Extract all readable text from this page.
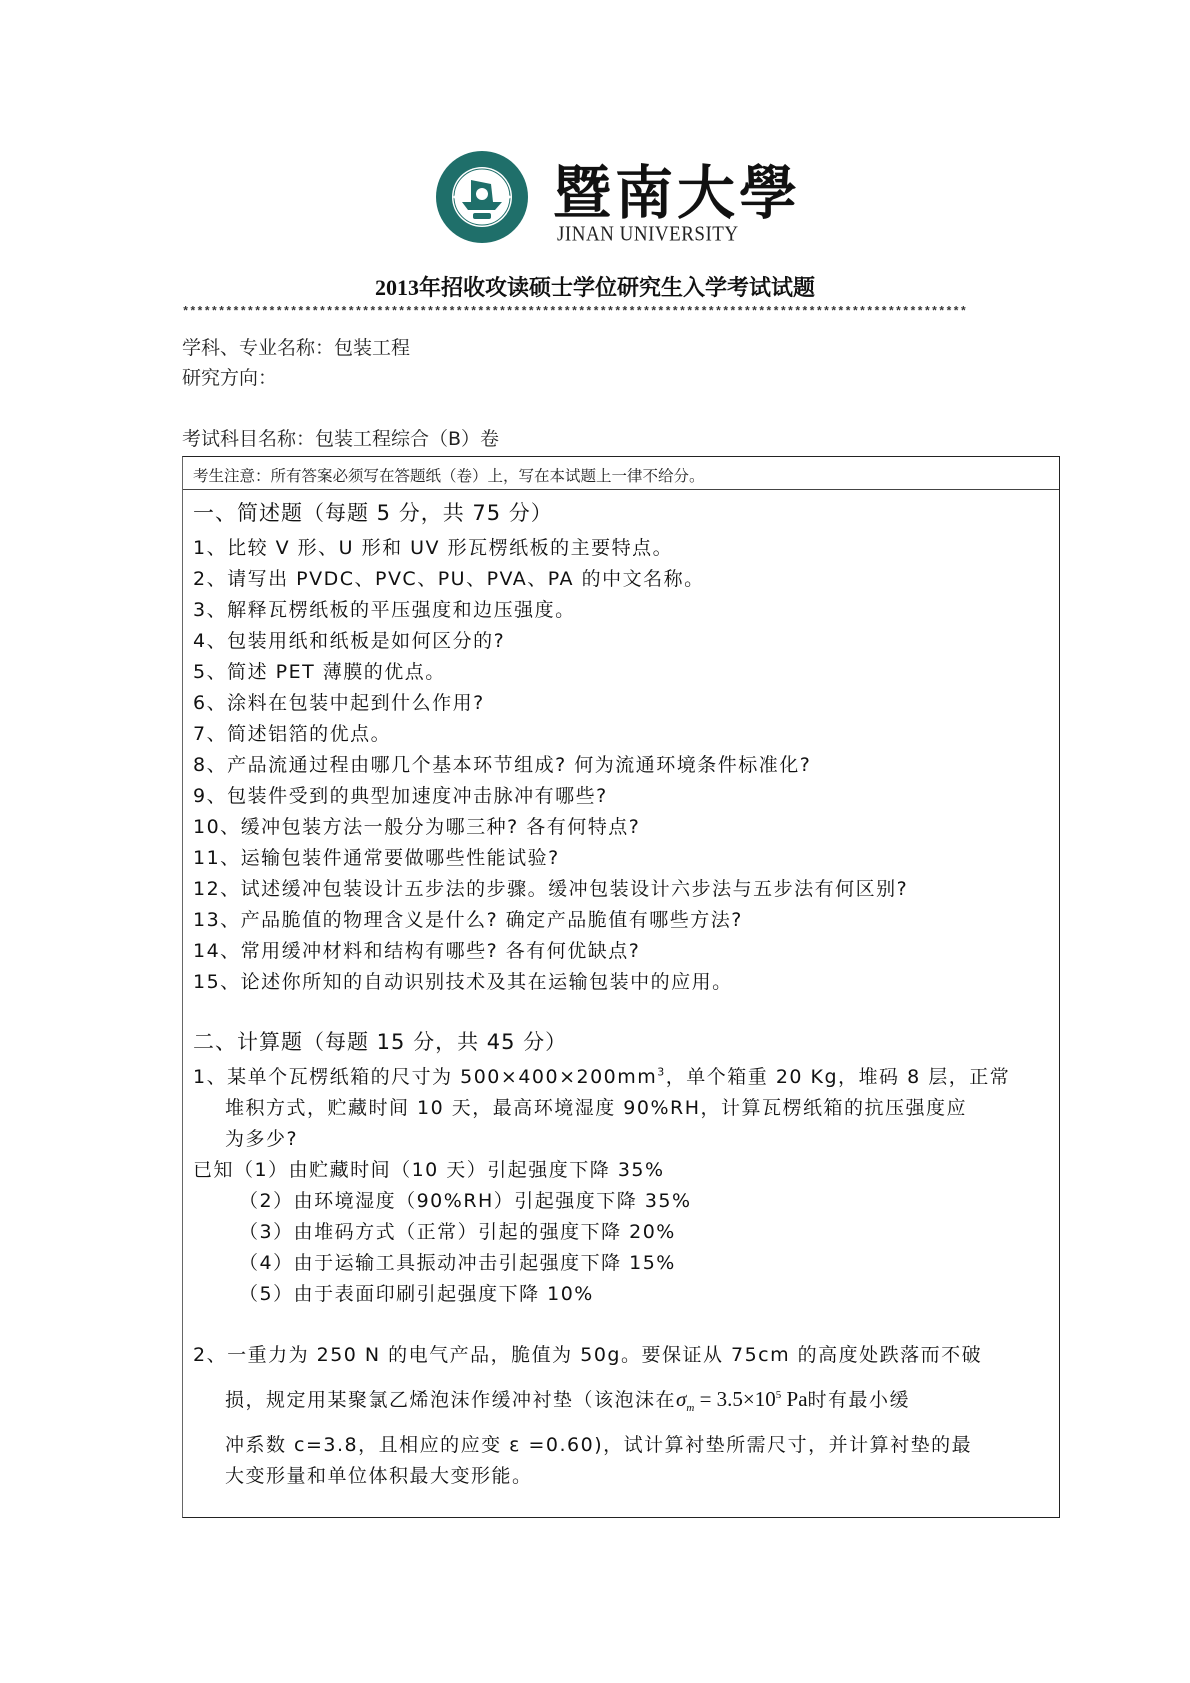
暨南大學
JINAN UNIVERSITY
2013年招收攻读硕士学位研究生入学考试试题
*************************************************************************************************************
学科、专业名称：包装工程
研究方向：
考试科目名称：包装工程综合（B）卷
考生注意：所有答案必须写在答题纸（卷）上，写在本试题上一律不给分。
一、简述题（每题 5 分，共 75 分）
1、比较 V 形、U 形和 UV 形瓦楞纸板的主要特点。
2、请写出 PVDC、PVC、PU、PVA、PA 的中文名称。
3、解释瓦楞纸板的平压强度和边压强度。
4、包装用纸和纸板是如何区分的?
5、简述 PET 薄膜的优点。
6、涂料在包装中起到什么作用?
7、简述铝箔的优点。
8、产品流通过程由哪几个基本环节组成? 何为流通环境条件标准化?
9、包装件受到的典型加速度冲击脉冲有哪些?
10、缓冲包装方法一般分为哪三种? 各有何特点?
11、运输包装件通常要做哪些性能试验?
12、试述缓冲包装设计五步法的步骤。缓冲包装设计六步法与五步法有何区别?
13、产品脆值的物理含义是什么? 确定产品脆值有哪些方法?
14、常用缓冲材料和结构有哪些? 各有何优缺点?
15、论述你所知的自动识别技术及其在运输包装中的应用。
二、计算题（每题 15 分，共 45 分）
1、某单个瓦楞纸箱的尺寸为 $500\times 400\times 200mm^3$，单个箱重 20 Kg，堆码 8 层，正常
堆积方式，贮藏时间 10 天，最高环境湿度 90%RH，计算瓦楞纸箱的抗压强度应
为多少?
已知（1）由贮藏时间（10 天）引起强度下降 35%
（2）由环境湿度（90%RH）引起强度下降 35%
（3）由堆码方式（正常）引起的强度下降 20%
（4）由于运输工具振动冲击引起强度下降 15%
（5）由于表面印刷引起强度下降 10%
2、一重力为 250 N 的电气产品，脆值为 50g。要保证从 75cm 的高度处跌落而不破
损，规定用某聚氯乙烯泡沫作缓冲衬垫（该泡沫在$\sigma_m = 3.5\times 10^5$ Pa时有最小缓
冲系数 c=3.8，且相应的应变 ε =0.60)，试计算衬垫所需尺寸，并计算衬垫的最
大变形量和单位体积最大变形能。
